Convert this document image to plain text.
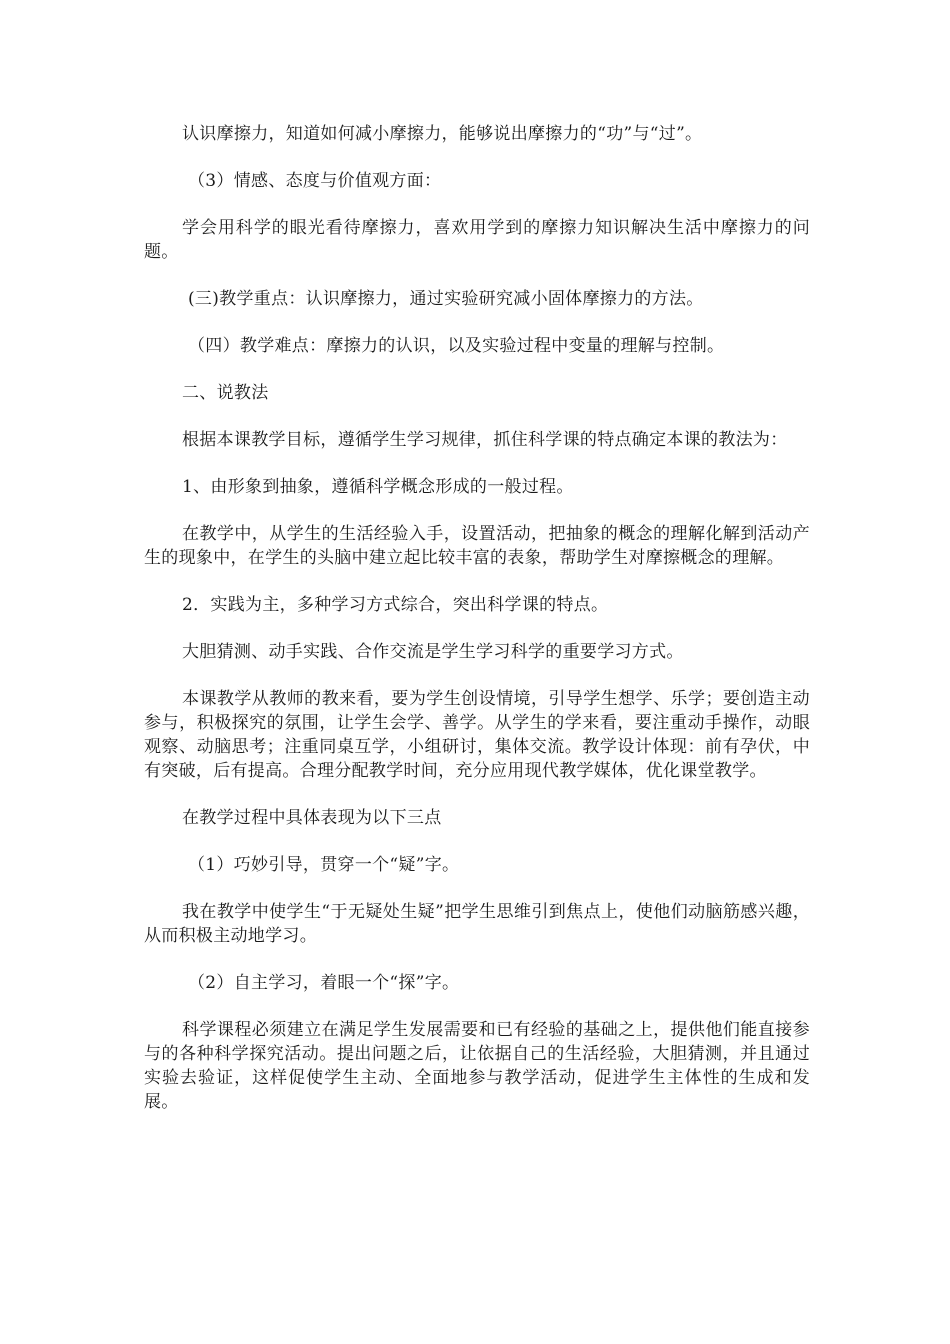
认识摩擦力，知道如何减小摩擦力，能够说出摩擦力的“功”与“过”。

（3）情感、态度与价值观方面：

学会用科学的眼光看待摩擦力，喜欢用学到的摩擦力知识解决生活中摩擦力的问题。

(三)教学重点：认识摩擦力，通过实验研究减小固体摩擦力的方法。

（四）教学难点：摩擦力的认识，以及实验过程中变量的理解与控制。

二、说教法

根据本课教学目标，遵循学生学习规律，抓住科学课的特点确定本课的教法为：

1、由形象到抽象，遵循科学概念形成的一般过程。

在教学中，从学生的生活经验入手，设置活动，把抽象的概念的理解化解到活动产生的现象中，在学生的头脑中建立起比较丰富的表象，帮助学生对摩擦概念的理解。

2．实践为主，多种学习方式综合，突出科学课的特点。

大胆猜测、动手实践、合作交流是学生学习科学的重要学习方式。

本课教学从教师的教来看，要为学生创设情境，引导学生想学、乐学；要创造主动参与，积极探究的氛围，让学生会学、善学。从学生的学来看，要注重动手操作，动眼观察、动脑思考；注重同桌互学，小组研讨，集体交流。教学设计体现：前有孕伏，中有突破，后有提高。合理分配教学时间，充分应用现代教学媒体，优化课堂教学。

在教学过程中具体表现为以下三点

（1）巧妙引导，贯穿一个“疑”字。

我在教学中使学生“于无疑处生疑”把学生思维引到焦点上，使他们动脑筋感兴趣，从而积极主动地学习。

（2）自主学习，着眼一个“探”字。

科学课程必须建立在满足学生发展需要和已有经验的基础之上，提供他们能直接参与的各种科学探究活动。提出问题之后，让依据自己的生活经验，大胆猜测，并且通过实验去验证，这样促使学生主动、全面地参与教学活动，促进学生主体性的生成和发展。
